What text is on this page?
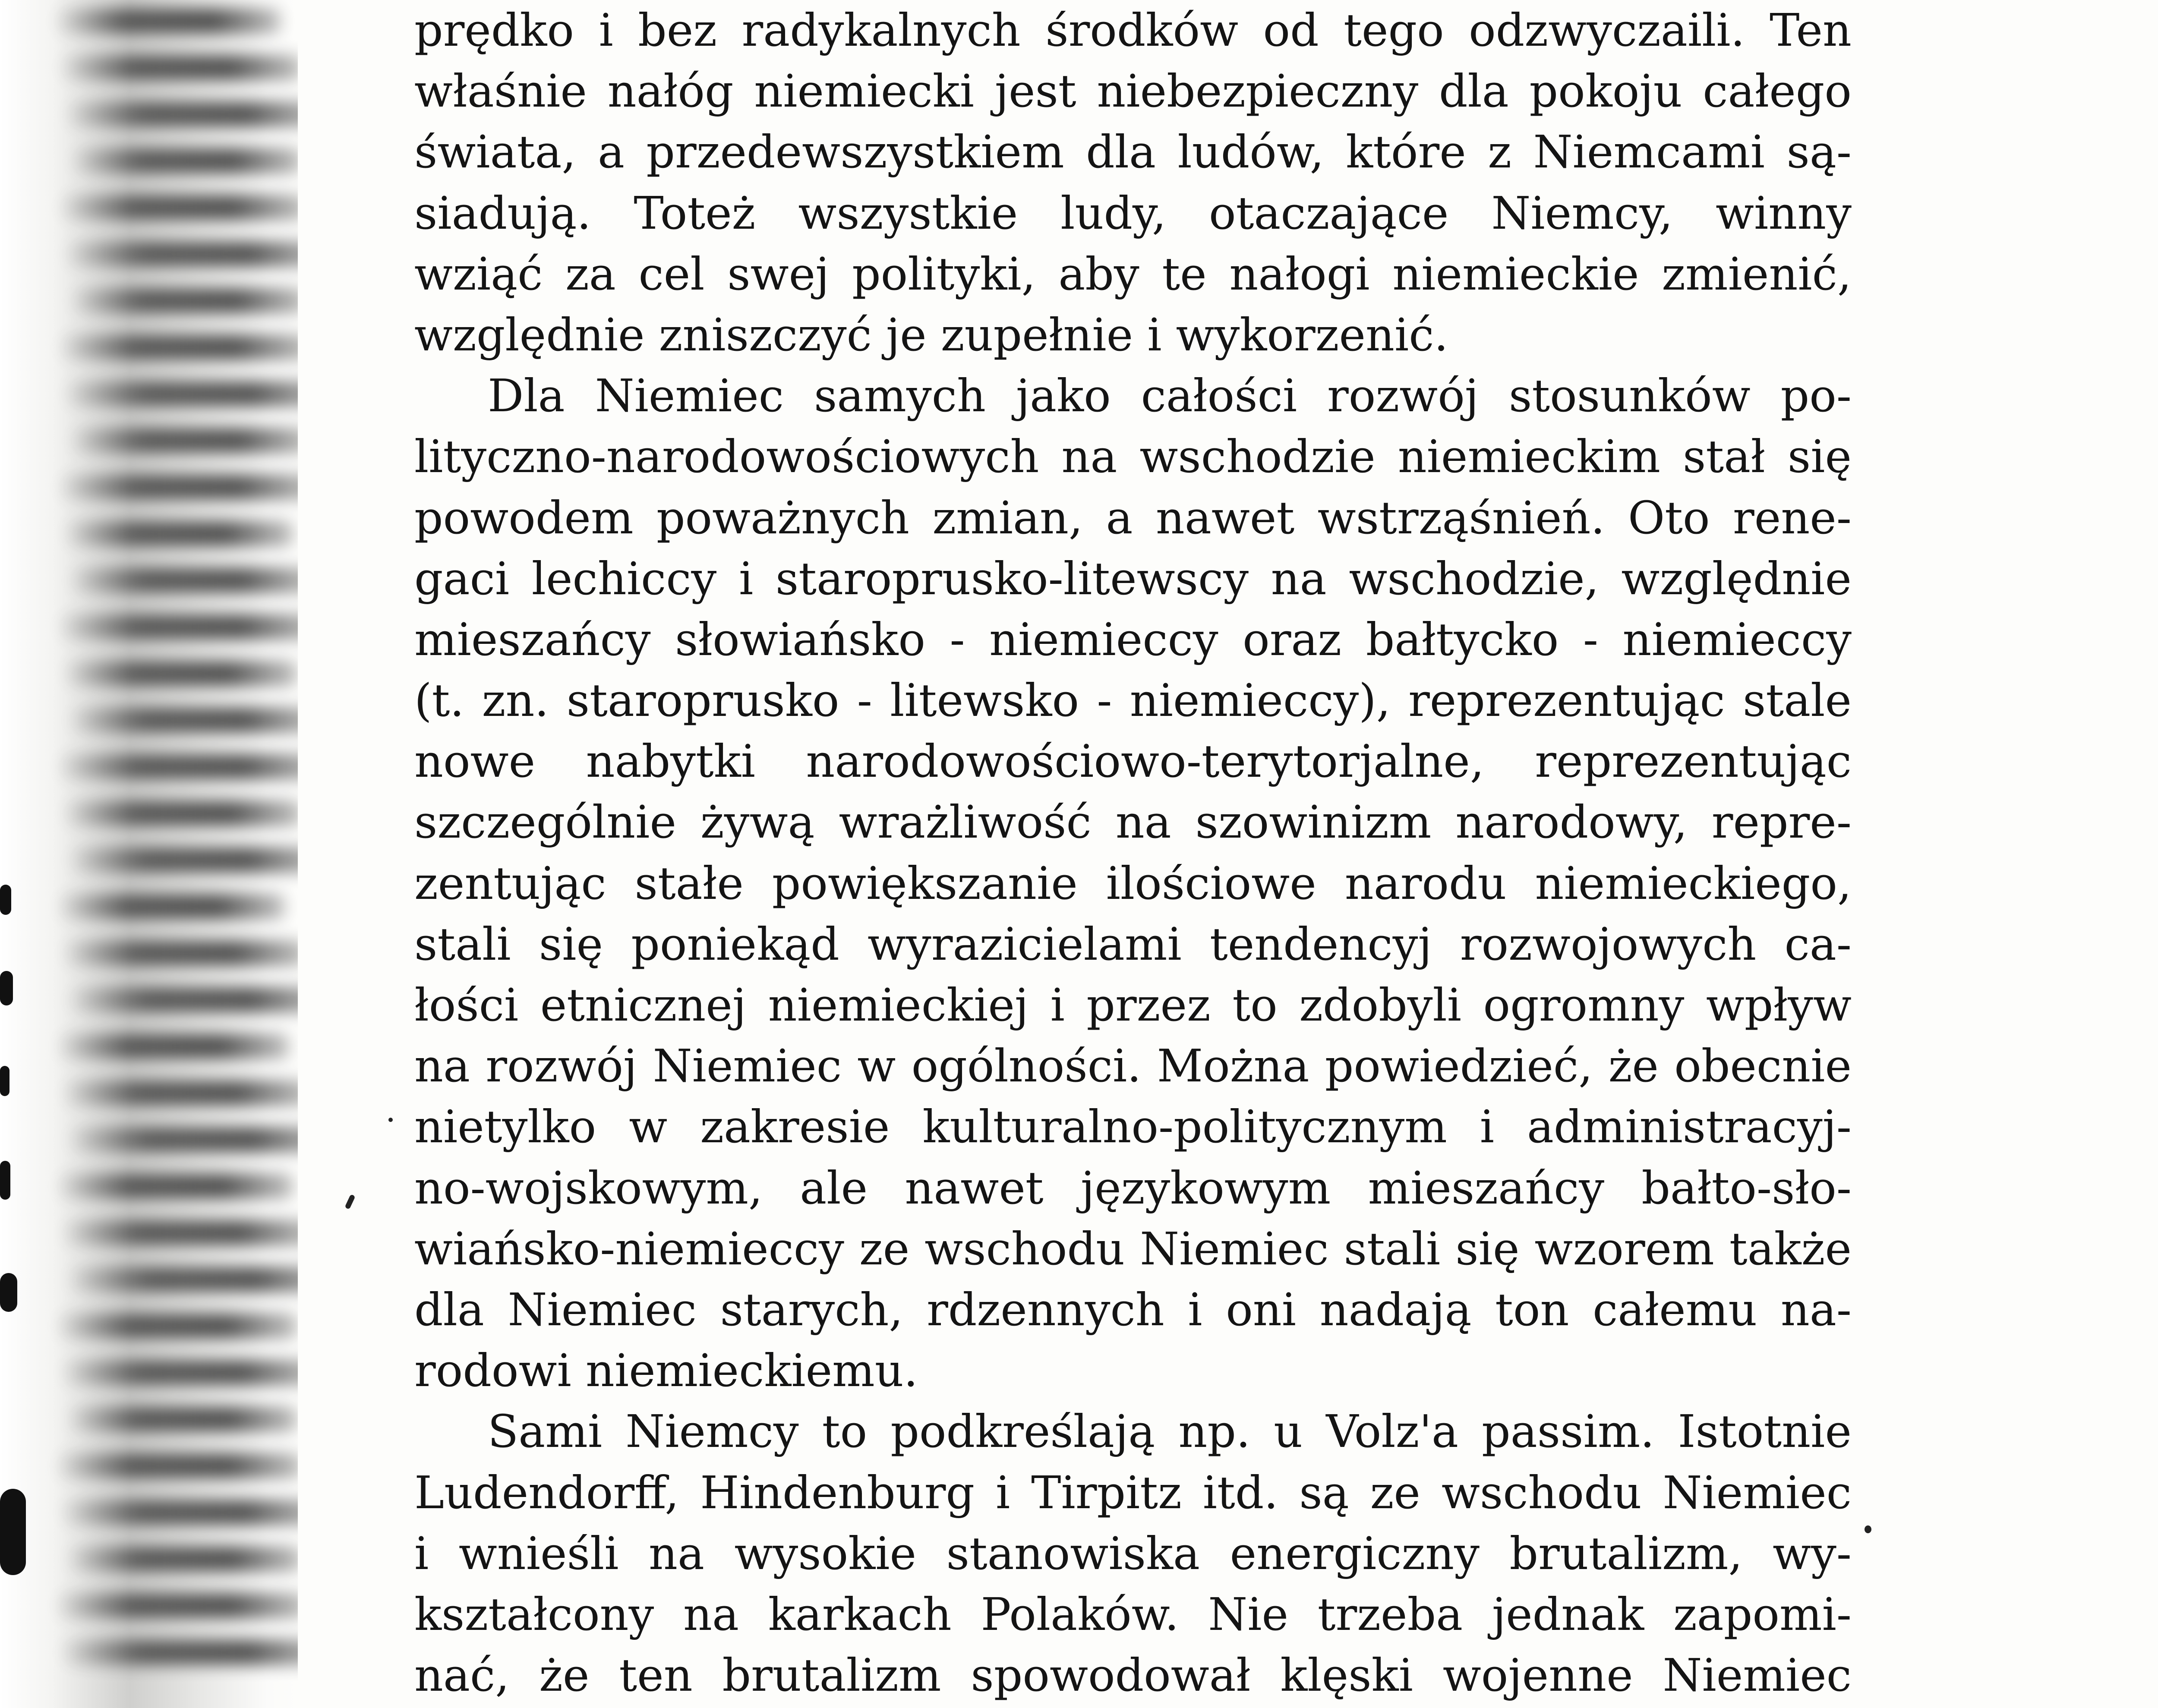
prędko i bez radykalnych środków od tego odzwyczaili. Ten
właśnie nałóg niemiecki jest niebezpieczny dla pokoju całego
świata, a przedewszystkiem dla ludów, które z Niemcami są-
siadują. Toteż wszystkie ludy, otaczające Niemcy, winny
wziąć za cel swej polityki, aby te nałogi niemieckie zmienić,
względnie zniszczyć je zupełnie i wykorzenić.
Dla Niemiec samych jako całości rozwój stosunków po-
lityczno-narodowościowych na wschodzie niemieckim stał się
powodem poważnych zmian, a nawet wstrząśnień. Oto rene-
gaci lechiccy i staroprusko-litewscy na wschodzie, względnie
mieszańcy słowiańsko - niemieccy oraz bałtycko - niemieccy
(t. zn. staroprusko - litewsko - niemieccy), reprezentując stale
nowe nabytki narodowościowo-terytorjalne, reprezentując
szczególnie żywą wrażliwość na szowinizm narodowy, repre-
zentując stałe powiększanie ilościowe narodu niemieckiego,
stali się poniekąd wyrazicielami tendencyj rozwojowych ca-
łości etnicznej niemieckiej i przez to zdobyli ogromny wpływ
na rozwój Niemiec w ogólności. Można powiedzieć, że obecnie
nietylko w zakresie kulturalno-politycznym i administracyj-
no-wojskowym, ale nawet językowym mieszańcy bałto-sło-
wiańsko-niemieccy ze wschodu Niemiec stali się wzorem także
dla Niemiec starych, rdzennych i oni nadają ton całemu na-
rodowi niemieckiemu.
Sami Niemcy to podkreślają np. u Volz'a passim. Istotnie
Ludendorff, Hindenburg i Tirpitz itd. są ze wschodu Niemiec
i wnieśli na wysokie stanowiska energiczny brutalizm, wy-
kształcony na karkach Polaków. Nie trzeba jednak zapomi-
nać, że ten brutalizm spowodował klęski wojenne Niemiec
